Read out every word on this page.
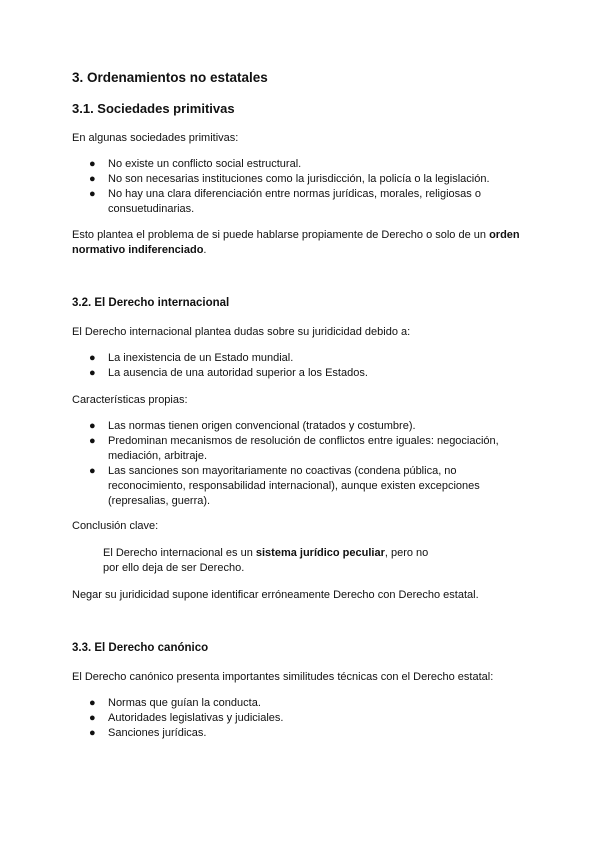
3. Ordenamientos no estatales
3.1. Sociedades primitivas

En algunas sociedades primitivas:

● No existe un conflicto social estructural.
● No son necesarias instituciones como la jurisdicción, la policía o la legislación.
● No hay una clara diferenciación entre normas jurídicas, morales, religiosas o consuetudinarias.

Esto plantea el problema de si puede hablarse propiamente de Derecho o solo de un orden normativo indiferenciado.

3.2. El Derecho internacional

El Derecho internacional plantea dudas sobre su juridicidad debido a:

● La inexistencia de un Estado mundial.
● La ausencia de una autoridad superior a los Estados.

Características propias:

● Las normas tienen origen convencional (tratados y costumbre).
● Predominan mecanismos de resolución de conflictos entre iguales: negociación, mediación, arbitraje.
● Las sanciones son mayoritariamente no coactivas (condena pública, no reconocimiento, responsabilidad internacional), aunque existen excepciones (represalias, guerra).

Conclusión clave:

El Derecho internacional es un sistema jurídico peculiar, pero no por ello deja de ser Derecho.

Negar su juridicidad supone identificar erróneamente Derecho con Derecho estatal.

3.3. El Derecho canónico

El Derecho canónico presenta importantes similitudes técnicas con el Derecho estatal:

● Normas que guían la conducta.
● Autoridades legislativas y judiciales.
● Sanciones jurídicas.
